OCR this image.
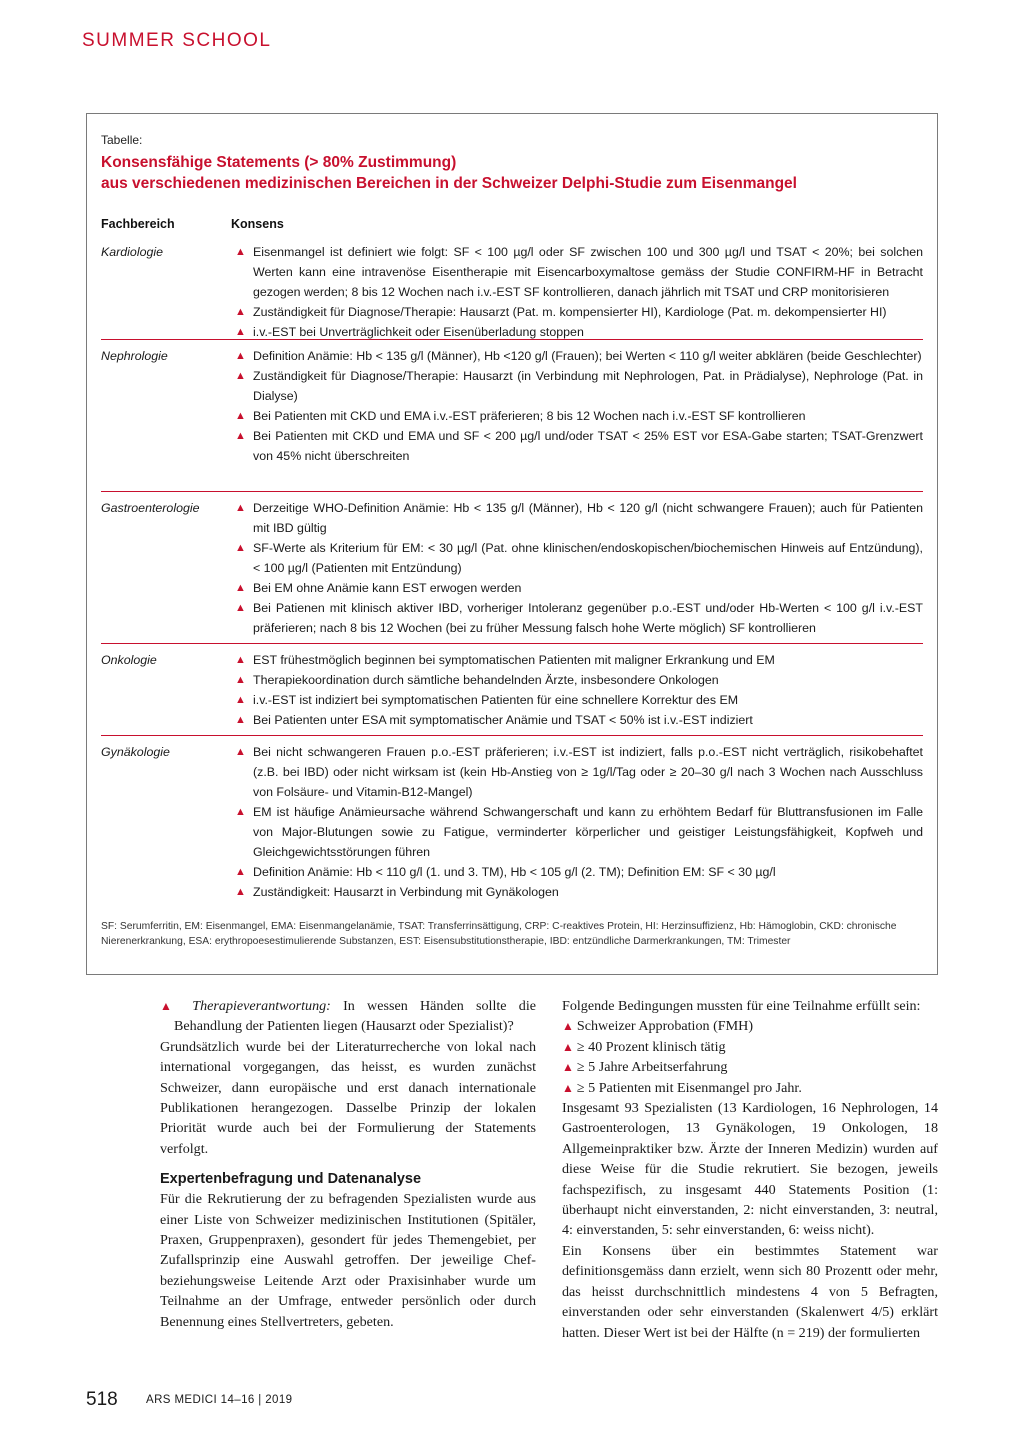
SUMMER SCHOOL
Tabelle:
Konsensfähige Statements (> 80% Zustimmung)
aus verschiedenen medizinischen Bereichen in der Schweizer Delphi-Studie zum Eisenmangel
Fachbereich	Konsens
Kardiologie	▲ Eisenmangel ist definiert wie folgt: SF < 100 µg/l oder SF zwischen 100 und 300 µg/l und TSAT < 20%; bei solchen Werten kann eine intravenöse Eisentherapie mit Eisencarboxymaltose gemäss der Studie CONFIRM-HF in Betracht gezogen werden; 8 bis 12 Wochen nach i.v.-EST SF kontrollieren, danach jährlich mit TSAT und CRP monitorisieren
▲ Zuständigkeit für Diagnose/Therapie: Hausarzt (Pat. m. kompensierter HI), Kardiologe (Pat. m. dekompensierter HI)
▲ i.v.-EST bei Unverträglichkeit oder Eisenüberladung stoppen
Nephrologie	▲ Definition Anämie: Hb < 135 g/l (Männer), Hb <120 g/l (Frauen); bei Werten < 110 g/l weiter abklären (beide Geschlechter)
▲ Zuständigkeit für Diagnose/Therapie: Hausarzt (in Verbindung mit Nephrologen, Pat. in Prädialyse), Nephrologe (Pat. in Dialyse)
▲ Bei Patienten mit CKD und EMA i.v.-EST präferieren; 8 bis 12 Wochen nach i.v.-EST SF kontrollieren
▲ Bei Patienten mit CKD und EMA und SF < 200 µg/l und/oder TSAT < 25% EST vor ESA-Gabe starten; TSAT-Grenzwert von 45% nicht überschreiten
Gastroenterologie	▲ Derzeitige WHO-Definition Anämie: Hb < 135 g/l (Männer), Hb < 120 g/l (nicht schwangere Frauen); auch für Patienten mit IBD gültig
▲ SF-Werte als Kriterium für EM: < 30 µg/l (Pat. ohne klinischen/endoskopischen/biochemischen Hinweis auf Entzündung), < 100 µg/l (Patienten mit Entzündung)
▲ Bei EM ohne Anämie kann EST erwogen werden
▲ Bei Patienen mit klinisch aktiver IBD, vorheriger Intoleranz gegenüber p.o.-EST und/oder Hb-Werten < 100 g/l i.v.-EST präferieren; nach 8 bis 12 Wochen (bei zu früher Messung falsch hohe Werte möglich) SF kontrollieren
Onkologie	▲ EST frühestmöglich beginnen bei symptomatischen Patienten mit maligner Erkrankung und EM
▲ Therapiekoordination durch sämtliche behandelnden Ärzte, insbesondere Onkologen
▲ i.v.-EST ist indiziert bei symptomatischen Patienten für eine schnellere Korrektur des EM
▲ Bei Patienten unter ESA mit symptomatischer Anämie und TSAT < 50% ist i.v.-EST indiziert
Gynäkologie	▲ Bei nicht schwangeren Frauen p.o.-EST präferieren; i.v.-EST ist indiziert, falls p.o.-EST nicht verträglich, risikobehaftet (z.B. bei IBD) oder nicht wirksam ist (kein Hb-Anstieg von ≥ 1g/l/Tag oder ≥ 20–30 g/l nach 3 Wochen nach Ausschluss von Folsäure- und Vitamin-B12-Mangel)
▲ EM ist häufige Anämieursache während Schwangerschaft und kann zu erhöhtem Bedarf für Bluttransfusionen im Falle von Major-Blutungen sowie zu Fatigue, verminderter körperlicher und geistiger Leistungsfähigkeit, Kopfweh und Gleichgewichtsstörungen führen
▲ Definition Anämie: Hb < 110 g/l (1. und 3. TM), Hb < 105 g/l (2. TM); Definition EM: SF < 30 µg/l
▲ Zuständigkeit: Hausarzt in Verbindung mit Gynäkologen
SF: Serumferritin, EM: Eisenmangel, EMA: Eisenmangelanämie, TSAT: Transferrinsättigung, CRP: C-reaktives Protein, HI: Herzinsuffizienz, Hb: Hämoglobin, CKD: chronische Nierenerkrankung, ESA: erythropoesestimulierende Substanzen, EST: Eisensubstitutionstherapie, IBD: entzündliche Darmerkrankungen, TM: Trimester

▲ Therapieverantwortung: In wessen Händen sollte die Behandlung der Patienten liegen (Hausarzt oder Spezialist)?

Grundsätzlich wurde bei der Literaturrecherche von lokal nach international vorgegangen, das heisst, es wurden zunächst Schweizer, dann europäische und erst danach internationale Publikationen herangezogen. Dasselbe Prinzip der lokalen Priorität wurde auch bei der Formulierung der Statements verfolgt.

Expertenbefragung und Datenanalyse

Für die Rekrutierung der zu befragenden Spezialisten wurde aus einer Liste von Schweizer medizinischen Institutionen (Spitäler, Praxen, Gruppenpraxen), gesondert für jedes Themengebiet, per Zufallsprinzip eine Auswahl getroffen. Der jeweilige Chef- beziehungsweise Leitende Arzt oder Praxisinhaber wurde um Teilnahme an der Umfrage, entweder persönlich oder durch Benennung eines Stellvertreters, gebeten.

Folgende Bedingungen mussten für eine Teilnahme erfüllt sein:

▲ Schweizer Approbation (FMH)

▲ ≥ 40 Prozent klinisch tätig

▲ ≥ 5 Jahre Arbeitserfahrung

▲ ≥ 5 Patienten mit Eisenmangel pro Jahr.

Insgesamt 93 Spezialisten (13 Kardiologen, 16 Nephrologen, 14 Gastroenterologen, 13 Gynäkologen, 19 Onkologen, 18 Allgemeinpraktiker bzw. Ärzte der Inneren Medizin) wurden auf diese Weise für die Studie rekrutiert. Sie bezogen, jeweils fachspezifisch, zu insgesamt 440 Statements Position (1: überhaupt nicht einverstanden, 2: nicht einverstanden, 3: neutral, 4: einverstanden, 5: sehr einverstanden, 6: weiss nicht).

Ein Konsens über ein bestimmtes Statement war definitionsgemäss dann erzielt, wenn sich 80 Prozentt oder mehr, das heisst durchschnittlich mindestens 4 von 5 Befragten, einverstanden oder sehr einverstanden (Skalenwert 4/5) erklärt hatten. Dieser Wert ist bei der Hälfte (n = 219) der formulierten

518 ARS MEDICI 14–16 | 2019
